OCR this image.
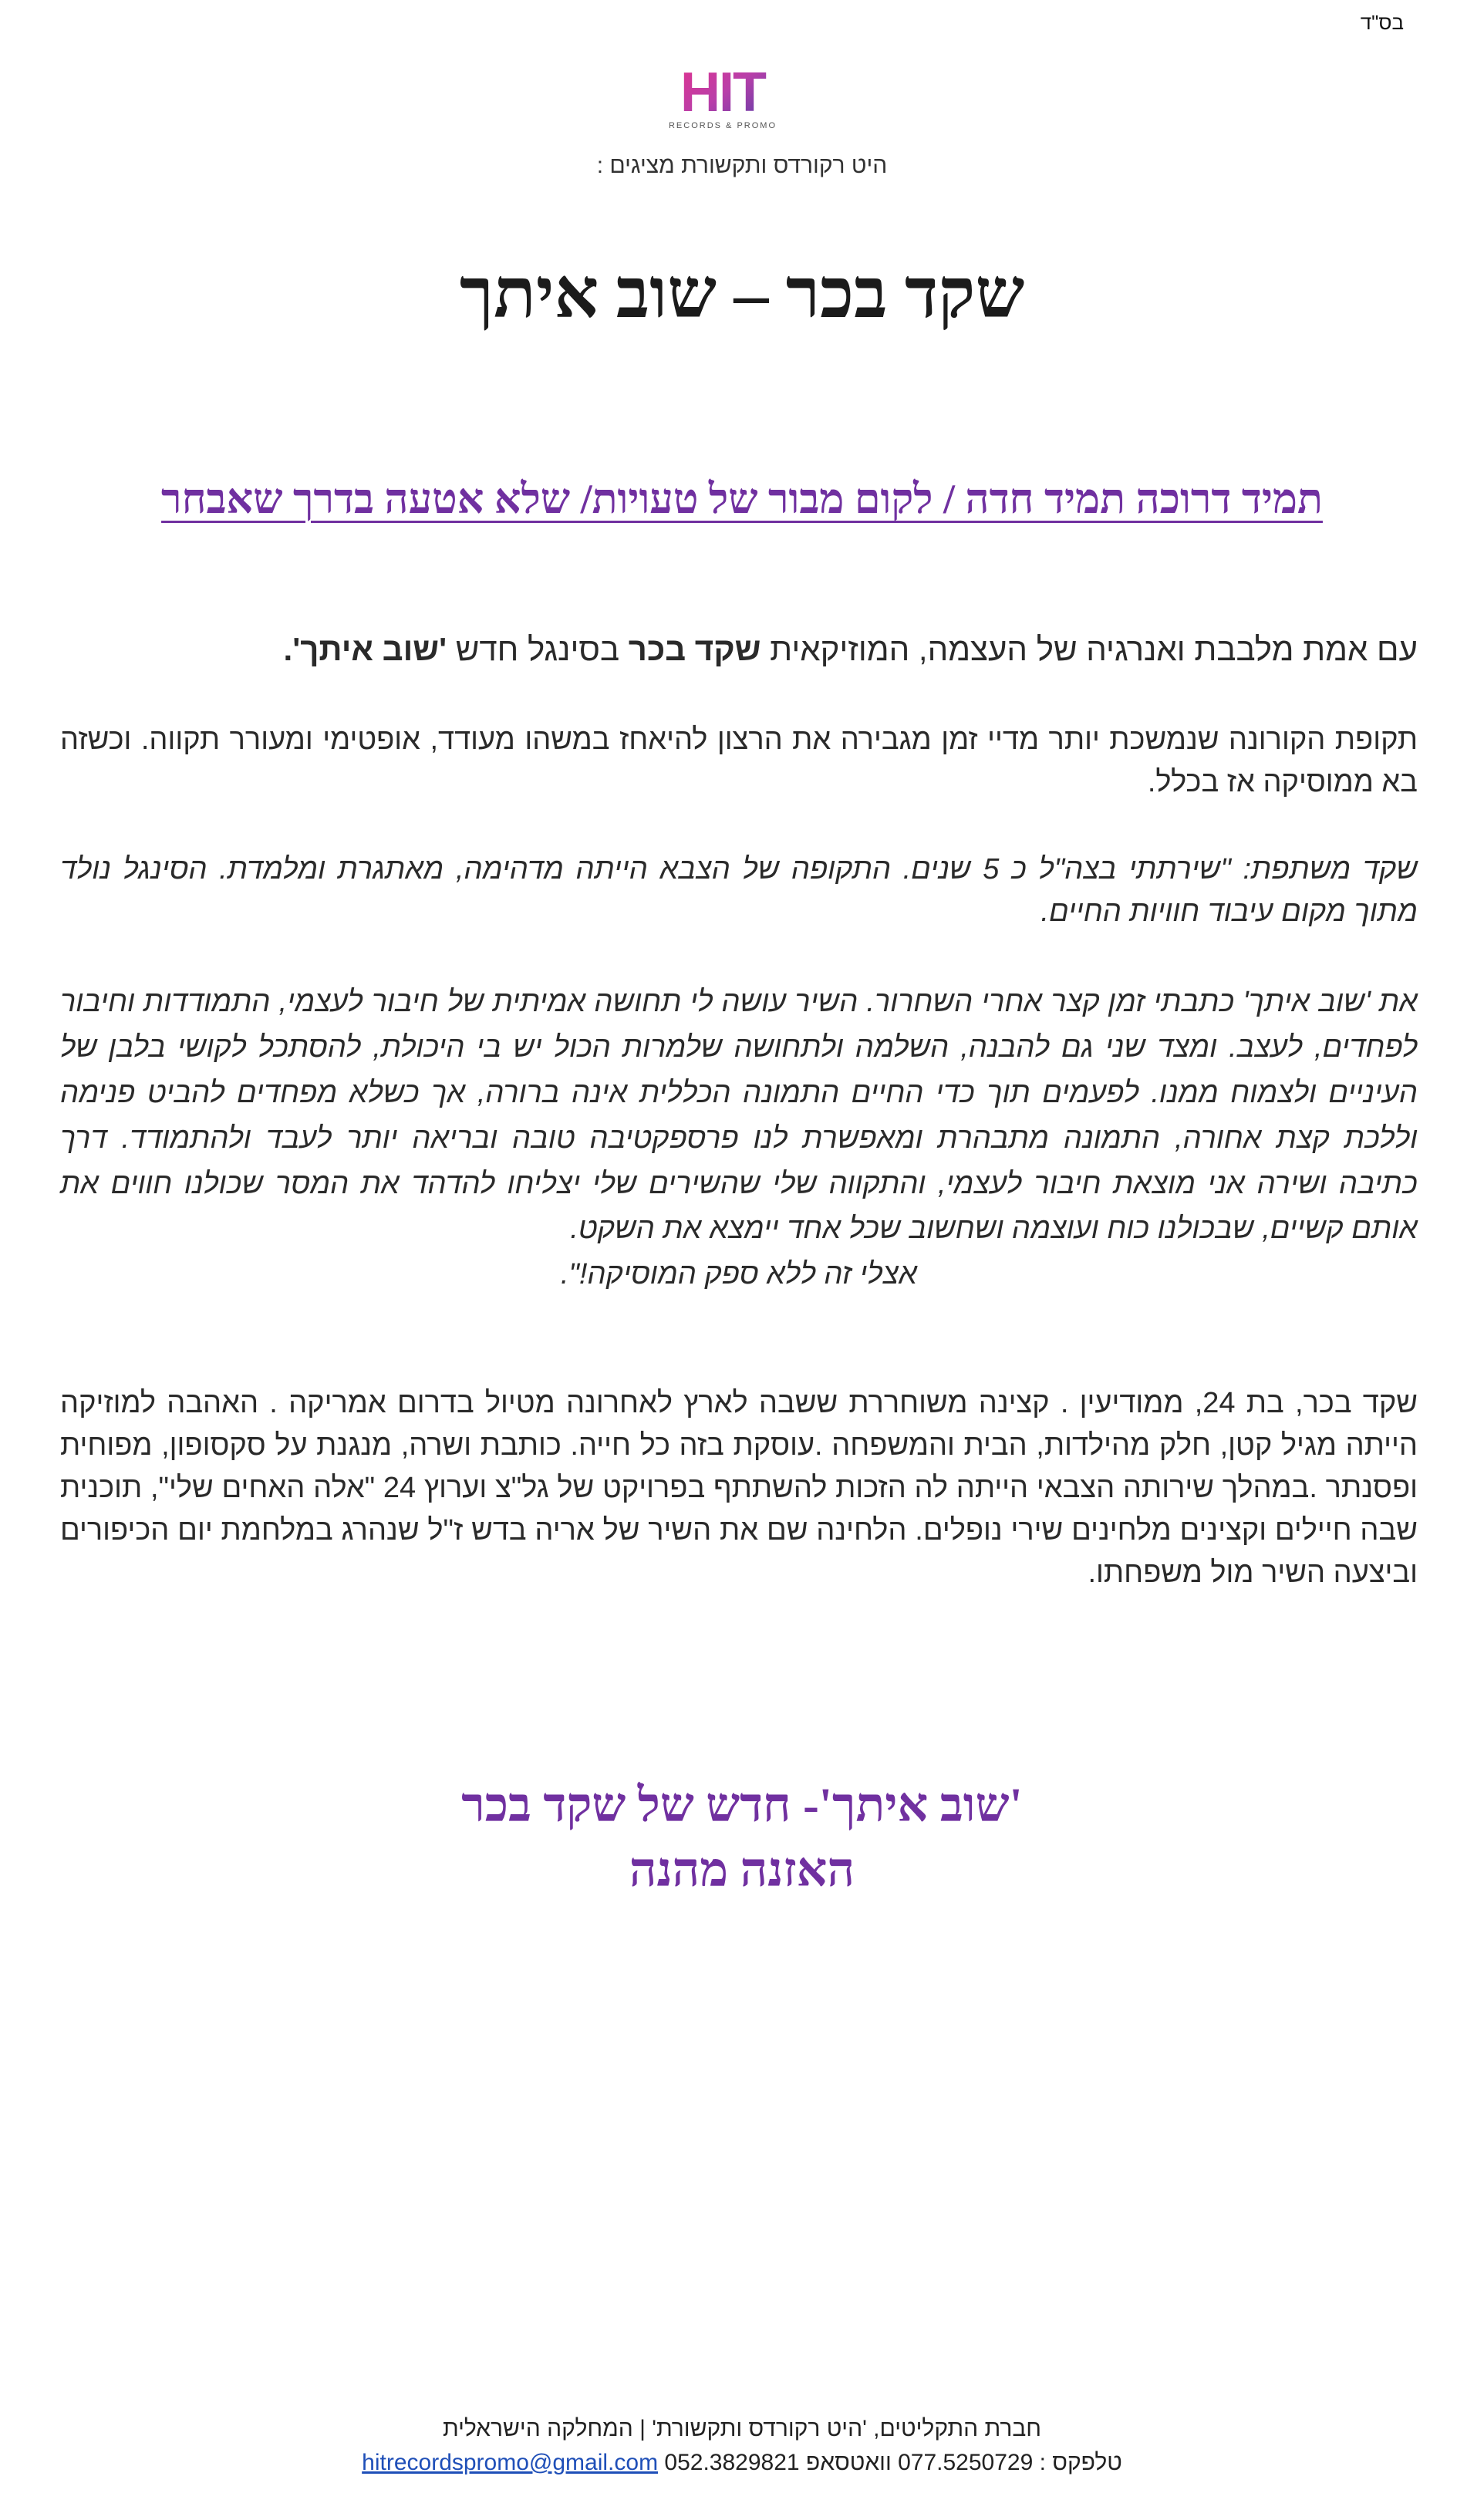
בס"ד
HIT
RECORDS & PROMO
היט רקורדס ותקשורת מציגים :
שקד בכר – שוב איתך
תמיד דרוכה תמיד חדה / לקום מבור של טעויות/ שלא אטעה בדרך שאבחר

עם אמת מלבבת ואנרגיה של העצמה, המוזיקאית שקד בכר בסינגל חדש 'שוב איתך'.

תקופת הקורונה שנמשכת יותר מדיי זמן מגבירה את הרצון להיאחז במשהו מעודד, אופטימי ומעורר תקווה. וכשזה בא ממוסיקה אז בכלל.

שקד משתפת: "שירתתי בצה"ל כ 5 שנים. התקופה של הצבא הייתה מדהימה, מאתגרת ומלמדת. הסינגל נולד מתוך מקום עיבוד חוויות החיים.

את 'שוב איתך' כתבתי זמן קצר אחרי השחרור. השיר עושה לי תחושה אמיתית של חיבור לעצמי, התמודדות וחיבור לפחדים, לעצב. ומצד שני גם להבנה, השלמה ולתחושה שלמרות הכול יש בי היכולת, להסתכל לקושי בלבן של העיניים ולצמוח ממנו. לפעמים תוך כדי החיים התמונה הכללית אינה ברורה, אך כשלא מפחדים להביט פנימה וללכת קצת אחורה, התמונה מתבהרת ומאפשרת לנו פרספקטיבה טובה ובריאה יותר לעבד ולהתמודד. דרך כתיבה ושירה אני מוצאת חיבור לעצמי, והתקווה שלי שהשירים שלי יצליחו להדהד את המסר שכולנו חווים את אותם קשיים, שבכולנו כוח ועוצמה ושחשוב שכל אחד יימצא את השקט.
אצלי זה ללא ספק המוסיקה!".

שקד בכר, בת 24, ממודיעין . קצינה משוחררת ששבה לארץ לאחרונה מטיול בדרום אמריקה . האהבה למוזיקה הייתה מגיל קטן, חלק מהילדות, הבית והמשפחה .עוסקת בזה כל חייה. כותבת ושרה, מנגנת על סקסופון, מפוחית ופסנתר .במהלך שירותה הצבאי הייתה לה הזכות להשתתף בפרויקט של גל"צ וערוץ 24 "אלה האחים שלי", תוכנית שבה חיילים וקצינים מלחינים שירי נופלים. הלחינה שם את השיר של אריה בדש ז"ל שנהרג במלחמת יום הכיפורים וביצעה השיר מול משפחתו.

'שוב איתך'- חדש של שקד בכר
האזנה מהנה
חברת התקליטים, 'היט רקורדס ותקשורת' | המחלקה הישראלית
טלפקס : 077.5250729 וואטסאפ 052.3829821 hitrecordspromo@gmail.com
